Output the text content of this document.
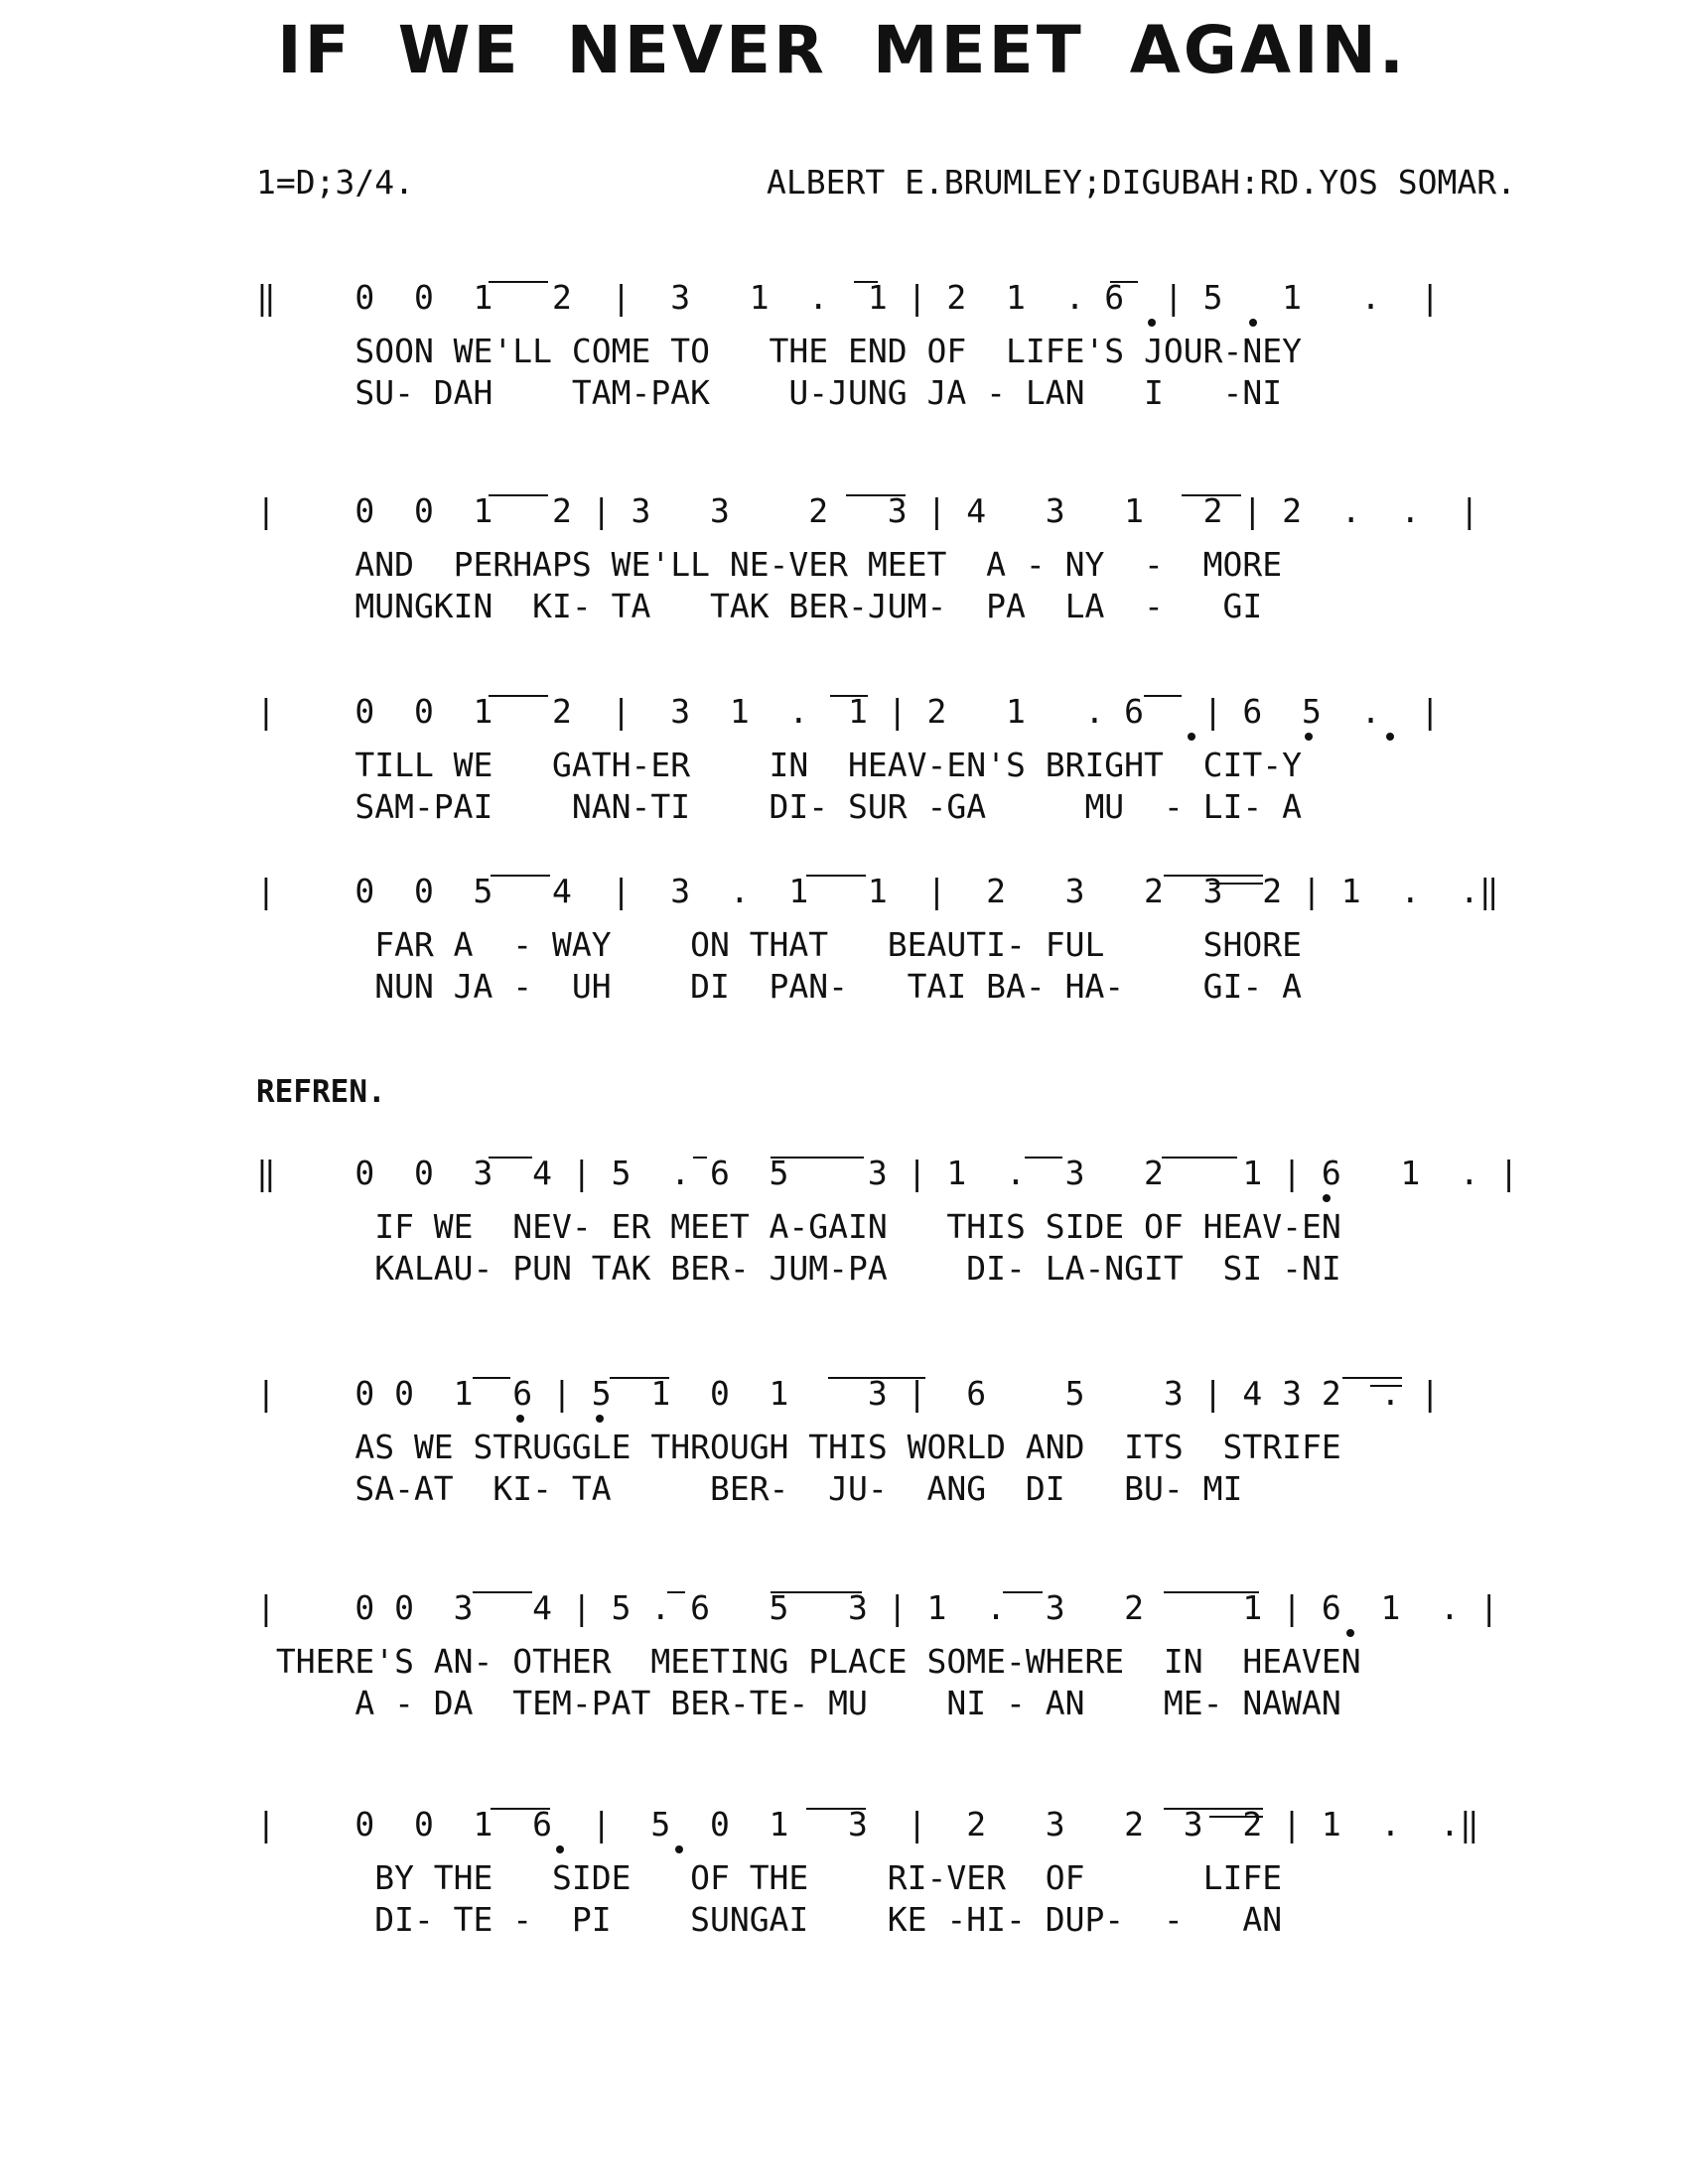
IF WE NEVER MEET AGAIN.
1=D;3/4.	ALBERT E.BRUMLEY;DIGUBAH:RD.YOS SOMAR.
REFREN.
‖    0  0  1   2  |  3   1  .  1 | 2  1  . 6  | 5   1   .  |
SOON WE'LL COME TO   THE END OF  LIFE'S JOUR-NEY
SU- DAH    TAM-PAK    U-JUNG JA - LAN   I   -NI
|    0  0  1   2 | 3   3    2   3 | 4   3   1   2 | 2  .  .  |
AND  PERHAPS WE'LL NE-VER MEET  A - NY  -  MORE
MUNGKIN  KI- TA   TAK BER-JUM-  PA  LA  -   GI
|    0  0  1   2  |  3  1  .  1 | 2   1   . 6   | 6  5  .  |
TILL WE   GATH-ER    IN  HEAV-EN'S BRIGHT  CIT-Y
SAM-PAI    NAN-TI    DI- SUR -GA     MU  - LI- A
|    0  0  5   4  |  3  .  1   1  |  2   3   2  3  2 | 1  .  .‖
FAR A  - WAY    ON THAT   BEAUTI- FUL     SHORE
NUN JA -  UH    DI  PAN-   TAI BA- HA-    GI- A
‖    0  0  3  4 | 5  . 6  5    3 | 1  .  3   2    1 | 6   1  . |
IF WE  NEV- ER MEET A-GAIN   THIS SIDE OF HEAV-EN
KALAU- PUN TAK BER- JUM-PA    DI- LA-NGIT  SI -NI
|    0 0  1  6 | 5  1  0  1    3 |  6    5    3 | 4 3 2  . |
AS WE STRUGGLE THROUGH THIS WORLD AND  ITS  STRIFE
SA-AT  KI- TA     BER-  JU-  ANG  DI   BU- MI
|    0 0  3   4 | 5 . 6   5   3 | 1  .  3   2     1 | 6  1  . |
THERE'S AN- OTHER  MEETING PLACE SOME-WHERE  IN  HEAVEN
A - DA  TEM-PAT BER-TE- MU    NI - AN    ME- NAWAN
|    0  0  1  6  |  5  0  1   3  |  2   3   2  3  2 | 1  .  .‖
BY THE   SIDE   OF THE    RI-VER  OF      LIFE
DI- TE -  PI    SUNGAI    KE -HI- DUP-  -   AN
